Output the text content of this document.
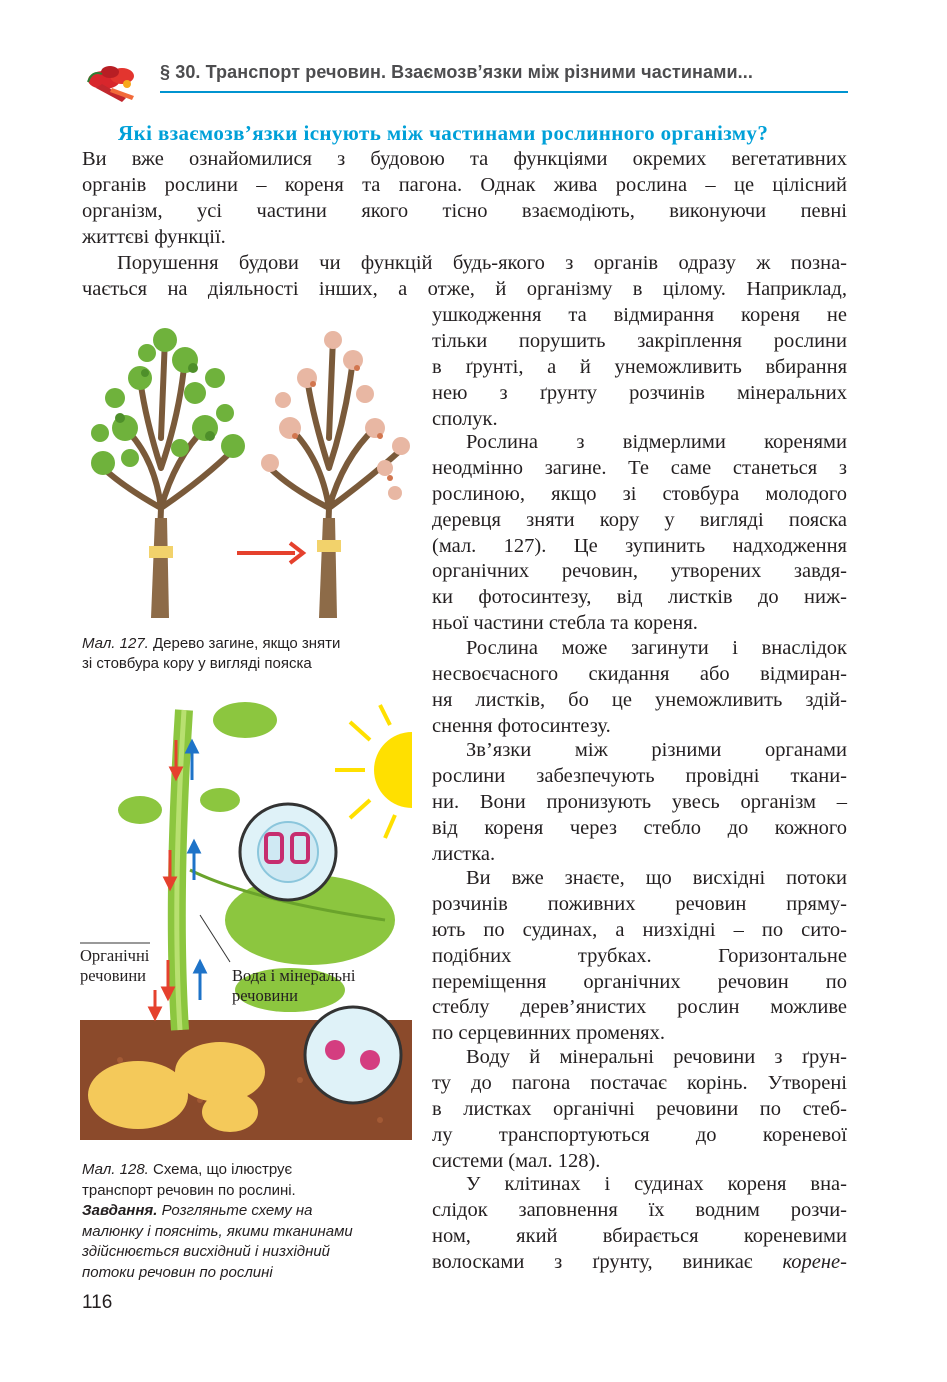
§ 30. Транспорт речовин. Взаємозв’язки між різними частинами...
Які взаємозв’язки існують між частинами рослинного організму?
Ви вже ознайомилися з будовою та функціями окремих вегетативних
органів рослини – кореня та пагона. Однак жива рослина – це цілісний
організм, усі частини якого тісно взаємодіють, виконуючи певні
життєві функції.
Порушення будови чи функцій будь-якого з органів одразу ж позна-
чається на діяльності інших, а отже, й організму в цілому. Наприклад,
ушкодження та відмирання кореня не
тільки порушить закріплення рослини
в ґрунті, а й унеможливить вбирання
нею з ґрунту розчинів мінеральних
сполук.
Рослина з відмерлими коренями
неодмінно загине. Те саме станеться з
рослиною, якщо зі стовбура молодого
деревця зняти кору у вигляді пояска
(мал. 127). Це зупинить надходження
органічних речовин, утворених завдя-
ки фотосинтезу, від листків до ниж-
ньої частини стебла та кореня.
Рослина може загинути і внаслідок
несвоєчасного скидання або відмиран-
ня листків, бо це унеможливить здій-
снення фотосинтезу.
Зв’язки між різними органами
рослини забезпечують провідні ткани-
ни. Вони пронизують увесь організм –
від кореня через стебло до кожного
листка.
Ви вже знаєте, що висхідні потоки
розчинів поживних речовин пряму-
ють по судинах, а низхідні – по сито-
подібних трубках. Горизонтальне
переміщення органічних речовин по
стеблу дерев’янистих рослин можливе
по серцевинних променях.
Воду й мінеральні речовини з ґрун-
ту до пагона постачає корінь. Утворені
в листках органічні речовини по стеб-
лу транспортуються до кореневої
системи (мал. 128).
У клітинах і судинах кореня вна-
слідок заповнення їх водним розчи-
ном, який вбирається кореневими
волосками з ґрунту, виникає корене-
Мал. 127. Дерево загине, якщо зняти
зі стовбура кору у вигляді пояска
Органічні
речовини	Вода і мінеральні
речовини
Мал. 128. Схема, що ілюструє
транспорт речовин по рослині.
Завдання. Розгляньте схему на
малюнку і поясніть, якими тканинами
здійснюється висхідний і низхідний
потоки речовин по рослині
116
